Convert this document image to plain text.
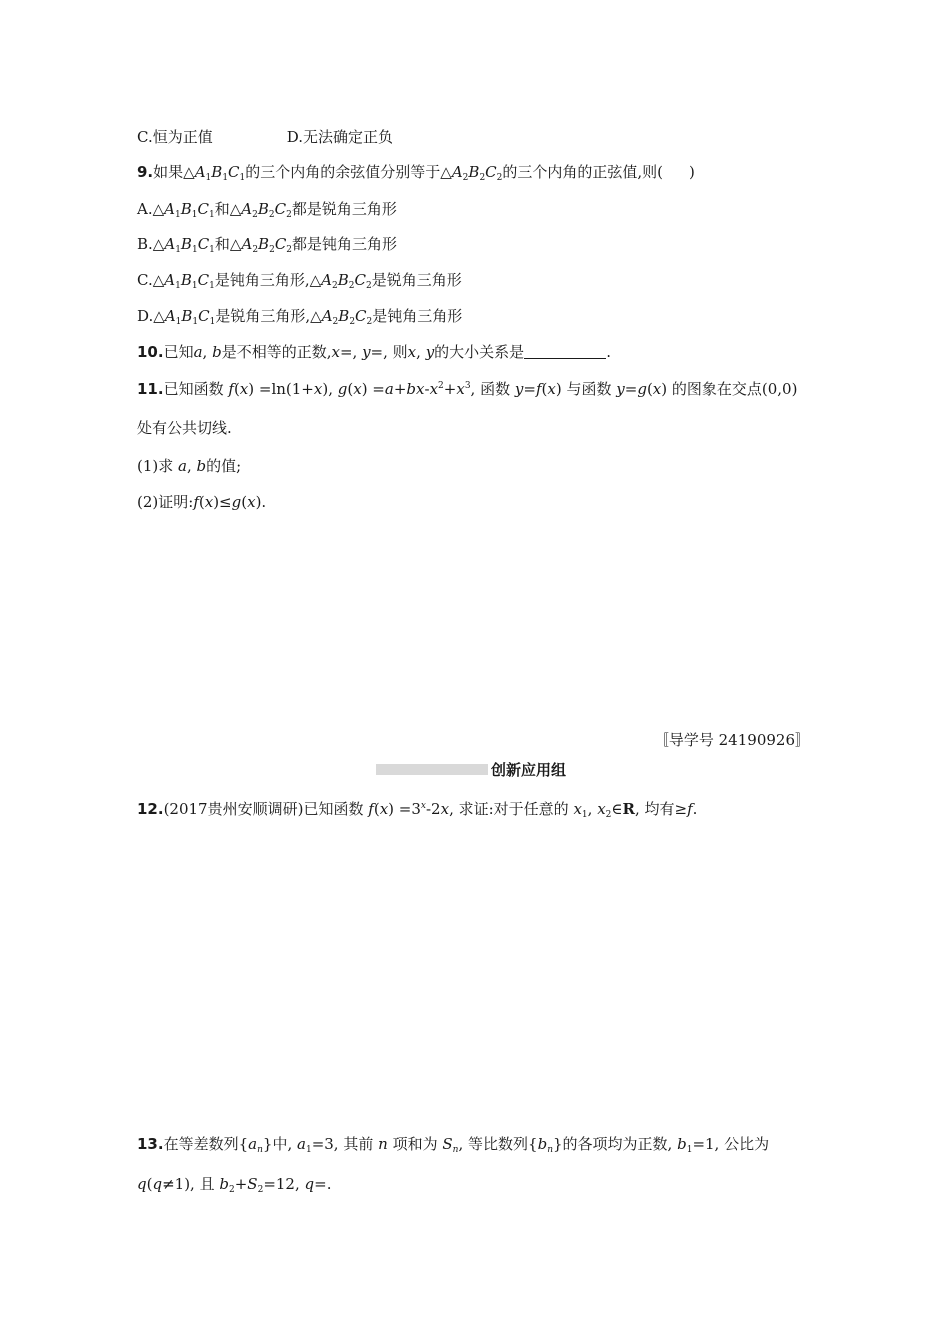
C.恒为正值	D.无法确定正负
9.如果$\triangle A_1B_1C_1$的三个内角的余弦值分别等于$\triangle A_2B_2C_2$的三个内角的正弦值,则( )
$A.\triangle A_1B_1C_1$和$\triangle A_2B_2C_2$都是锐角三角形
$B.\triangle A_1B_1C_1$和$\triangle A_2B_2C_2$都是钝角三角形
$C.\triangle A_1B_1C_1$是钝角三角形$,\triangle A_2B_2C_2$是锐角三角形
$D.\triangle A_1B_1C_1$是锐角三角形$,\triangle A_2B_2C_2$是钝角三角形
10.已知a, b是不相等的正数,x=, y=, 则x, y的大小关系是	.
11.已知函数 f(x) =ln(1+x), $g(x) =a+bx-x^2+x^3$, 函数 y=f(x) 与函数 y=g(x) 的图象在交点(0,0)
处有公共切线.
(1)求 a, b的值;
(2)证明:f(x)≤g(x).
〚导学号 24190926〛
创新应用组
12.(2017贵州安顺调研)已知函数 $f(x) =3^x-2x$, 求证:对于任意的 $x_1$, $x_2\in R$, 均有≥f.
13.在等差数列$\{a_n\}$中, $a_1=3$, 其前 n 项和为 $S_n$, 等比数列$\{b_n\}$的各项均为正数, $b_1=1$, 公比为
q(q≠1), 且 $b_2+S_2=12$, q=.
